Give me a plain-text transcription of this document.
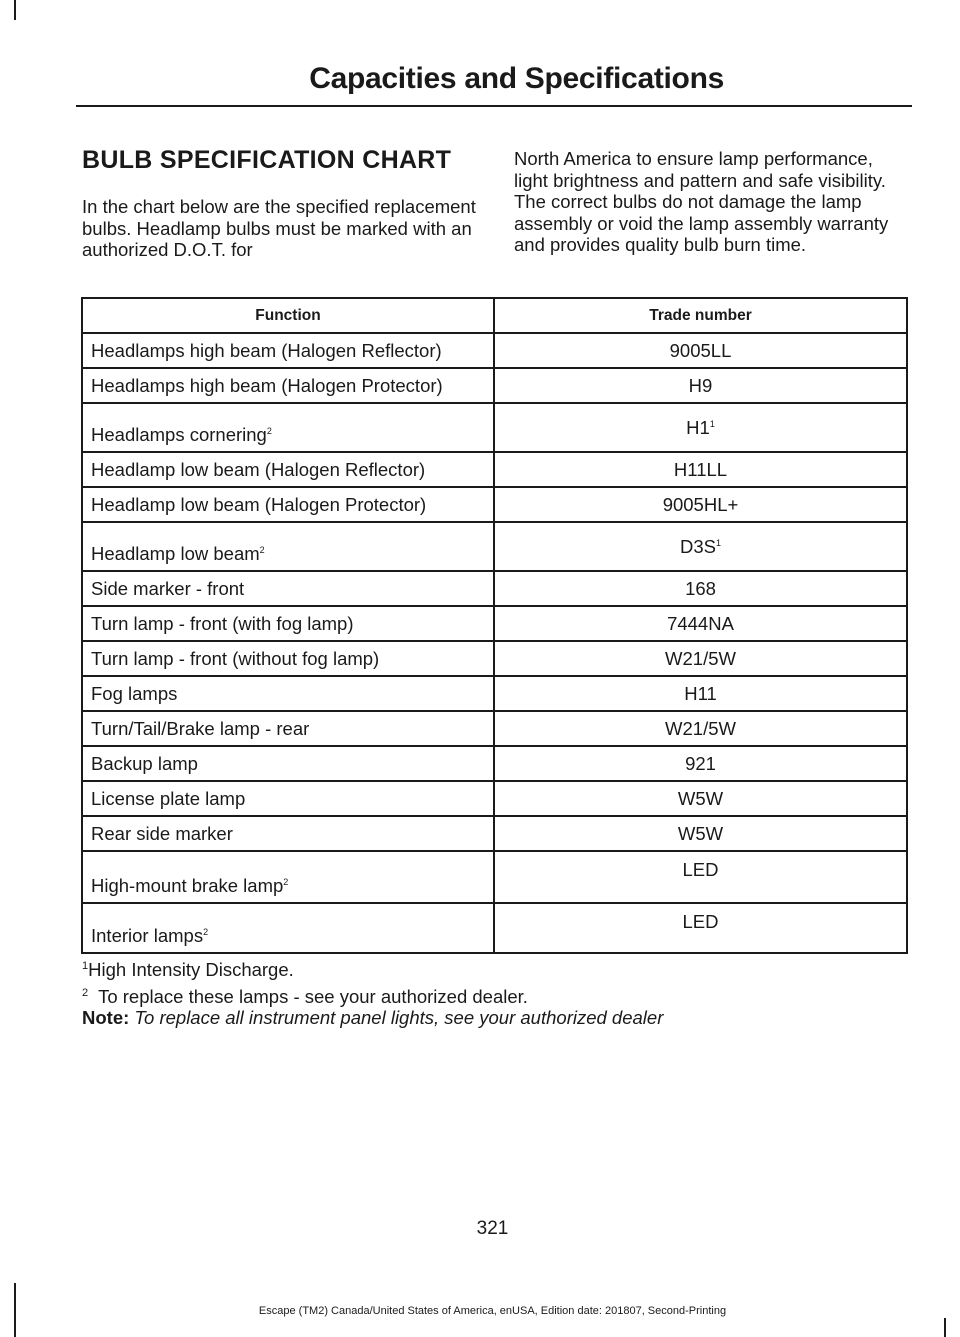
Capacities and Specifications
BULB SPECIFICATION CHART

In the chart below are the specified replacement bulbs. Headlamp bulbs must be marked with an authorized D.O.T. for

North America to ensure lamp performance, light brightness and pattern and safe visibility. The correct bulbs do not damage the lamp assembly or void the lamp assembly warranty and provides quality bulb burn time.

Function	Trade number
Headlamps high beam (Halogen Reflector)	9005LL
Headlamps high beam (Halogen Protector)	H9
Headlamps cornering$^2$	$H1^1$
Headlamp low beam (Halogen Reflector)	H11LL
Headlamp low beam (Halogen Protector)	9005HL+
Headlamp low beam$^2$	$D3S^1$
Side marker - front	168
Turn lamp - front (with fog lamp)	7444NA
Turn lamp - front (without fog lamp)	W21/5W
Fog lamps	H11
Turn/Tail/Brake lamp - rear	W21/5W
Backup lamp	921
License plate lamp	W5W
Rear side marker	W5W
High-mount brake lamp$^2$	LED
Interior lamps$^2$	LED

$^1$High Intensity Discharge.

$^2$ To replace these lamps - see your authorized dealer.

Note: To replace all instrument panel lights, see your authorized dealer

321
Escape (TM2) Canada/United States of America, enUSA, Edition date: 201807, Second-Printing
